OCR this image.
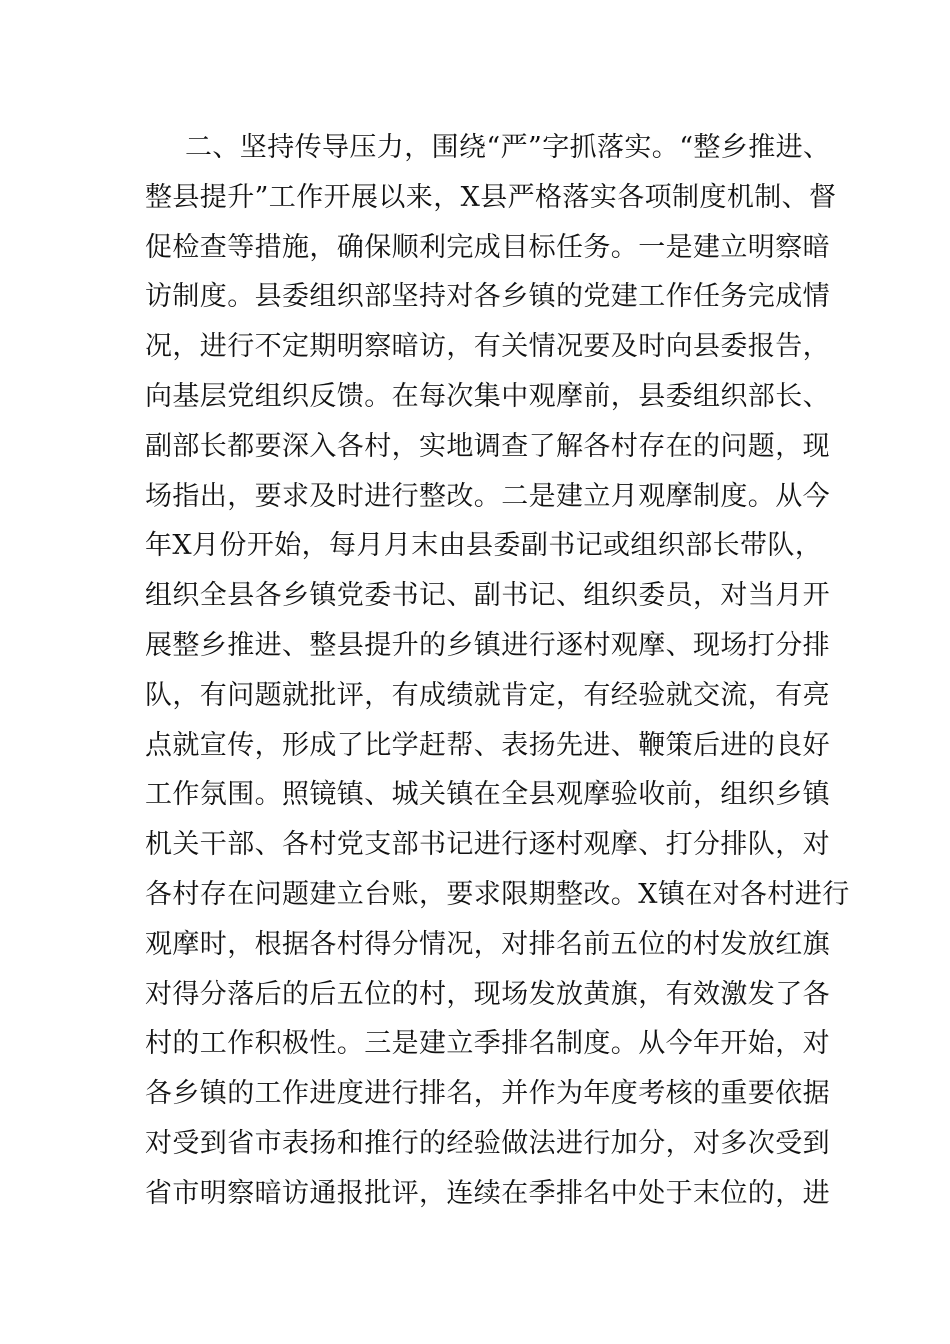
二、坚持传导压力，围绕“严”字抓落实。“整乡推进、
整县提升”工作开展以来，X县严格落实各项制度机制、督
促检查等措施，确保顺利完成目标任务。一是建立明察暗
访制度。县委组织部坚持对各乡镇的党建工作任务完成情
况，进行不定期明察暗访，有关情况要及时向县委报告，
向基层党组织反馈。在每次集中观摩前，县委组织部长、
副部长都要深入各村，实地调查了解各村存在的问题，现
场指出，要求及时进行整改。二是建立月观摩制度。从今
年X月份开始，每月月末由县委副书记或组织部长带队，
组织全县各乡镇党委书记、副书记、组织委员，对当月开
展整乡推进、整县提升的乡镇进行逐村观摩、现场打分排
队，有问题就批评，有成绩就肯定，有经验就交流，有亮
点就宣传，形成了比学赶帮、表扬先进、鞭策后进的良好
工作氛围。照镜镇、城关镇在全县观摩验收前，组织乡镇
机关干部、各村党支部书记进行逐村观摩、打分排队，对
各村存在问题建立台账，要求限期整改。X镇在对各村进行
观摩时，根据各村得分情况，对排名前五位的村发放红旗
对得分落后的后五位的村，现场发放黄旗，有效激发了各
村的工作积极性。三是建立季排名制度。从今年开始，对
各乡镇的工作进度进行排名，并作为年度考核的重要依据
对受到省市表扬和推行的经验做法进行加分，对多次受到
省市明察暗访通报批评，连续在季排名中处于末位的，进
